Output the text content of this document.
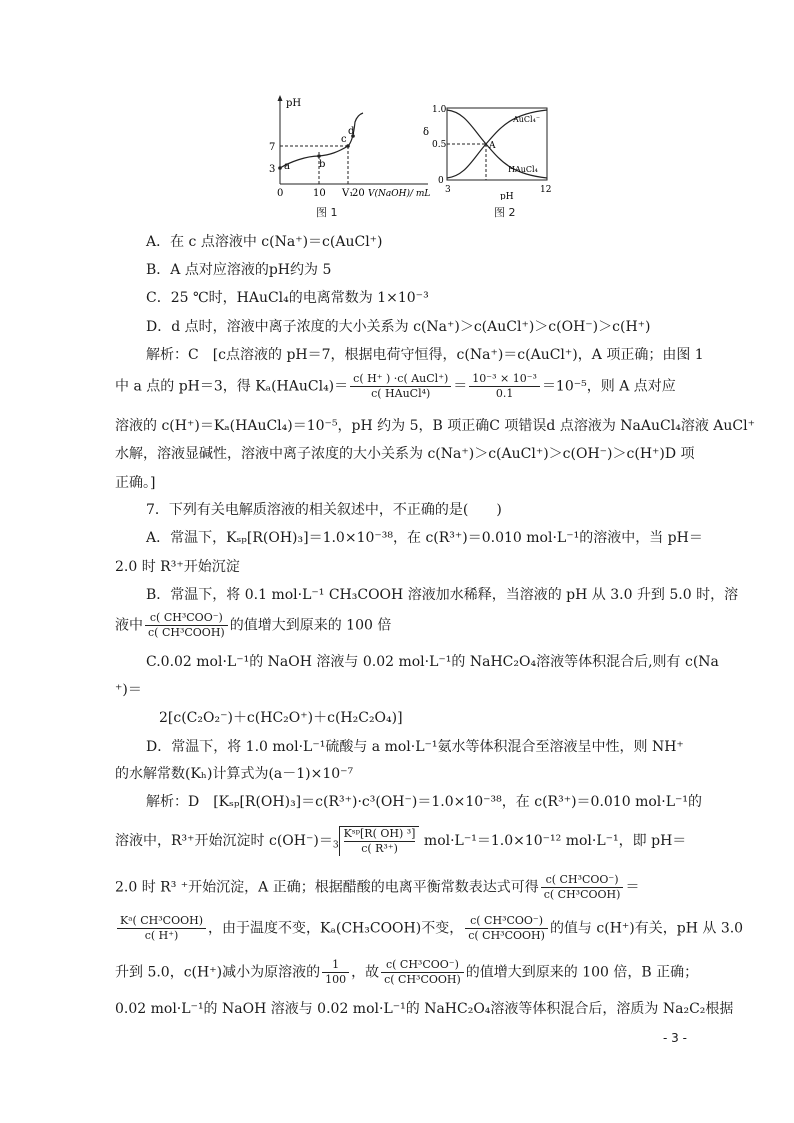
pH
7
3 a	b
c
d
0	10 V₁
20 V(NaOH)/ mL
图 1
1.0
0.5
0
δ
A
AuCl₄⁻
HAuCl₄
3	12
pH
图 2
A．在 c 点溶液中 c(Na⁺)＝c(AuCl⁺)
B．A 点对应溶液的pH约为 5
C．25 ℃时，HAuCl₄的电离常数为 1×10⁻³
D．d 点时，溶液中离子浓度的大小关系为 c(Na⁺)＞c(AuCl⁺)＞c(OH⁻)＞c(H⁺)
解析：C　[c点溶液的 pH＝7，根据电荷守恒得，c(Na⁺)＝c(AuCl⁺)，A 项正确；由图 1
中 a 点的 pH＝3，得 Kₐ(HAuCl₄)＝ $\frac{\text{c( H⁺ ) ·c( AuCl⁺)}}{\text{c( HAuCl⁴)}} = \frac{\text{10⁻³ × 10⁻³}}{0.1} =10^{-5}$，则 A 点对应
溶液的 c(H⁺)＝Kₐ(HAuCl₄)＝10⁻⁵，pH 约为 5，B 项正确C 项错误d 点溶液为 NaAuCl₄溶液 AuCl⁺
水解，溶液显碱性，溶液中离子浓度的大小关系为 c(Na⁺)＞c(AuCl⁺)＞c(OH⁻)＞c(H⁺)D 项
正确。]
7．下列有关电解质溶液的相关叙述中，不正确的是(　　)
A．常温下，Kₛₚ[R(OH)₃]＝1.0×10⁻³⁸，在 c(R³⁺)＝0.010 mol·L⁻¹的溶液中，当 pH＝
2.0 时 R³⁺开始沉淀
B．常温下，将 0.1 mol·L⁻¹ CH₃COOH 溶液加水稀释，当溶液的 pH 从 3.0 升到 5.0 时，溶
液中 $\frac{\text{c( CH³COO⁻)}}{\text{c( CH³COOH)}}$ 的值增大到原来的 100 倍
C.0.02 mol·L⁻¹的 NaOH 溶液与 0.02 mol·L⁻¹的 NaHC₂O₄溶液等体积混合后,则有 c(Na
⁺)＝
2[c(C₂O₂⁻)＋c(HC₂O⁺)＋c(H₂C₂O₄)]
D．常温下，将 1.0 mol·L⁻¹硫酸与 a mol·L⁻¹氨水等体积混合至溶液呈中性，则 NH⁺
的水解常数(Kₕ)计算式为(a－1)×10⁻⁷
解析：D　[Kₛₚ[R(OH)₃]＝c(R³⁺)·c³(OH⁻)＝1.0×10⁻³⁸，在 c(R³⁺)＝0.010 mol·L⁻¹的
溶液中，R³⁺开始沉淀时 c(OH⁻)＝$^3$
Kˢᵖ[R( OH) ³]
c( R³⁺)	mol·L⁻¹＝1.0×10⁻¹² mol·L⁻¹，即 pH＝
2.0 时 R³ ⁺开始沉淀，A 正确；根据醋酸的电离平衡常数表达式可得 $\frac{\text{c( CH³COO⁻)}}{\text{c( CH³COOH)}}$ ＝
$\frac{\text{Kᵃ( CH³COOH)}}{c( H^+)}$ ，由于温度不变，Kₐ(CH₃COOH)不变， $\frac{\text{c( CH³COO⁻)}}{\text{c( CH³COOH)}}$ 的值与 c(H⁺)有关，pH 从 3.0
升到 5.0，c(H⁺)减小为原溶液的 $\frac{1}{100}$ ，故 $\frac{\text{c( CH³COO⁻)}}{\text{c( CH³COOH)}}$ 的值增大到原来的 100 倍，B 正确；
0.02 mol·L⁻¹的 NaOH 溶液与 0.02 mol·L⁻¹的 NaHC₂O₄溶液等体积混合后，溶质为 Na₂C₂根据
- 3 -
